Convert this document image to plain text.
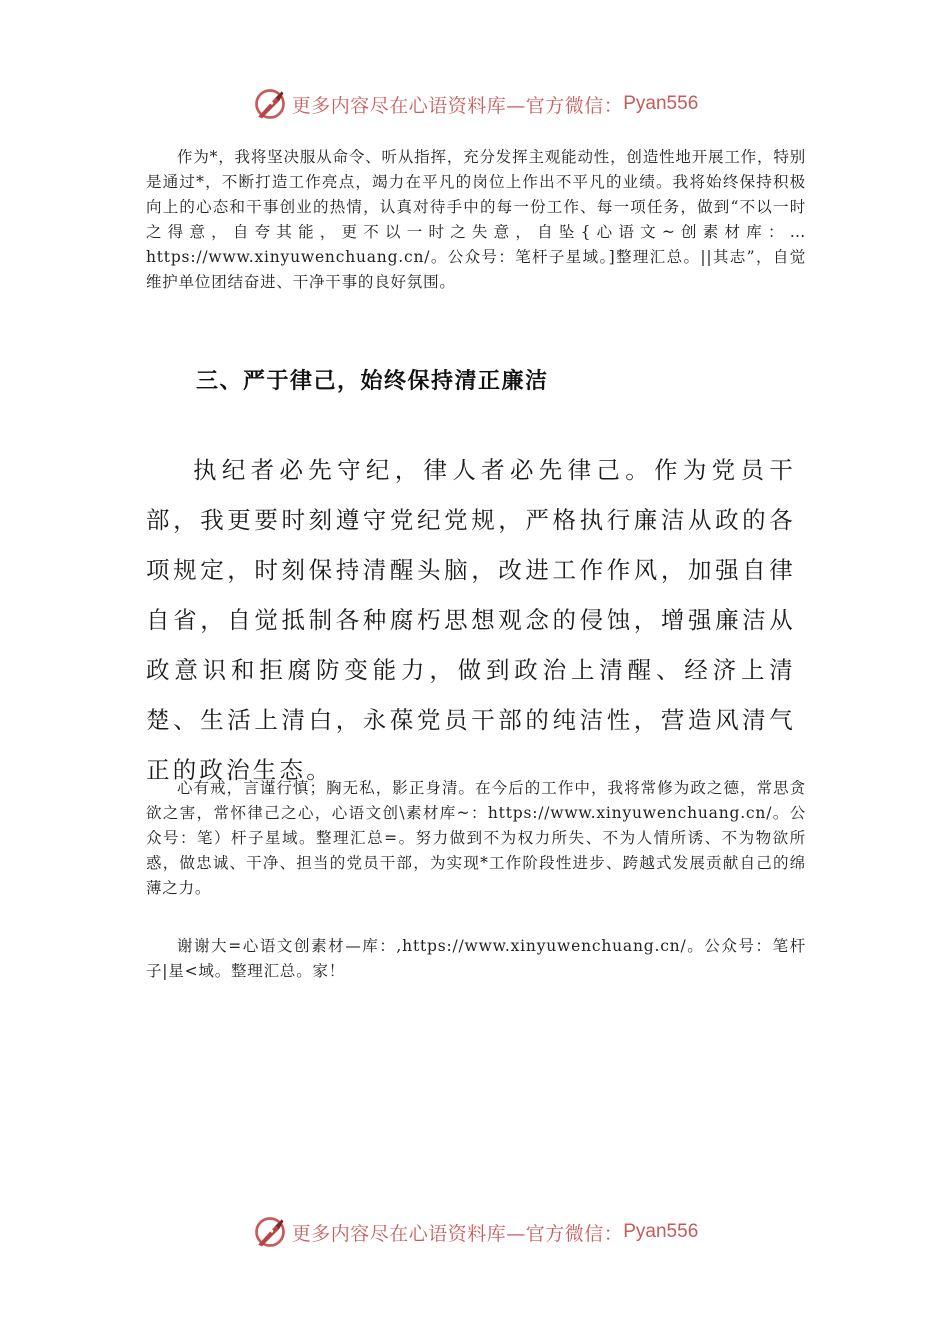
更多内容尽在心语资料库—官方微信： Pyan556

作为*，我将坚决服从命令、听从指挥，充分发挥主观能动性，创造性地开展工作，特别是通过*，不断打造工作亮点，竭力在平凡的岗位上作出不平凡的业绩。我将始终保持积极向上的心态和干事创业的热情，认真对待手中的每一份工作、每一项任务，做到“不以一时之得意，自夸其能，更不以一时之失意，自坠{心语文~创素材库：…https://www.xinyuwenchuang.cn/。公众号：笔杆子星域。]整理汇总。||其志”，自觉维护单位团结奋进、干净干事的良好氛围。

三、严于律己，始终保持清正廉洁

执纪者必先守纪，律人者必先律己。作为党员干部，我更要时刻遵守党纪党规，严格执行廉洁从政的各项规定，时刻保持清醒头脑，改进工作作风，加强自律自省，自觉抵制各种腐朽思想观念的侵蚀，增强廉洁从政意识和拒腐防变能力，做到政治上清醒、经济上清楚、生活上清白，永葆党员干部的纯洁性，营造风清气正的政治生态。

心有戒，言谨行慎；胸无私，影正身清。在今后的工作中，我将常修为政之德，常思贪欲之害，常怀律己之心，心语文创\素材库~：https://www.xinyuwenchuang.cn/。公众号：笔）杆子星域。整理汇总=。努力做到不为权力所失、不为人情所诱、不为物欲所惑，做忠诚、干净、担当的党员干部，为实现*工作阶段性进步、跨越式发展贡献自己的绵薄之力。

谢谢大=心语文创素材—库：,https://www.xinyuwenchuang.cn/。公众号：笔杆子|星<域。整理汇总。家！

更多内容尽在心语资料库—官方微信： Pyan556
